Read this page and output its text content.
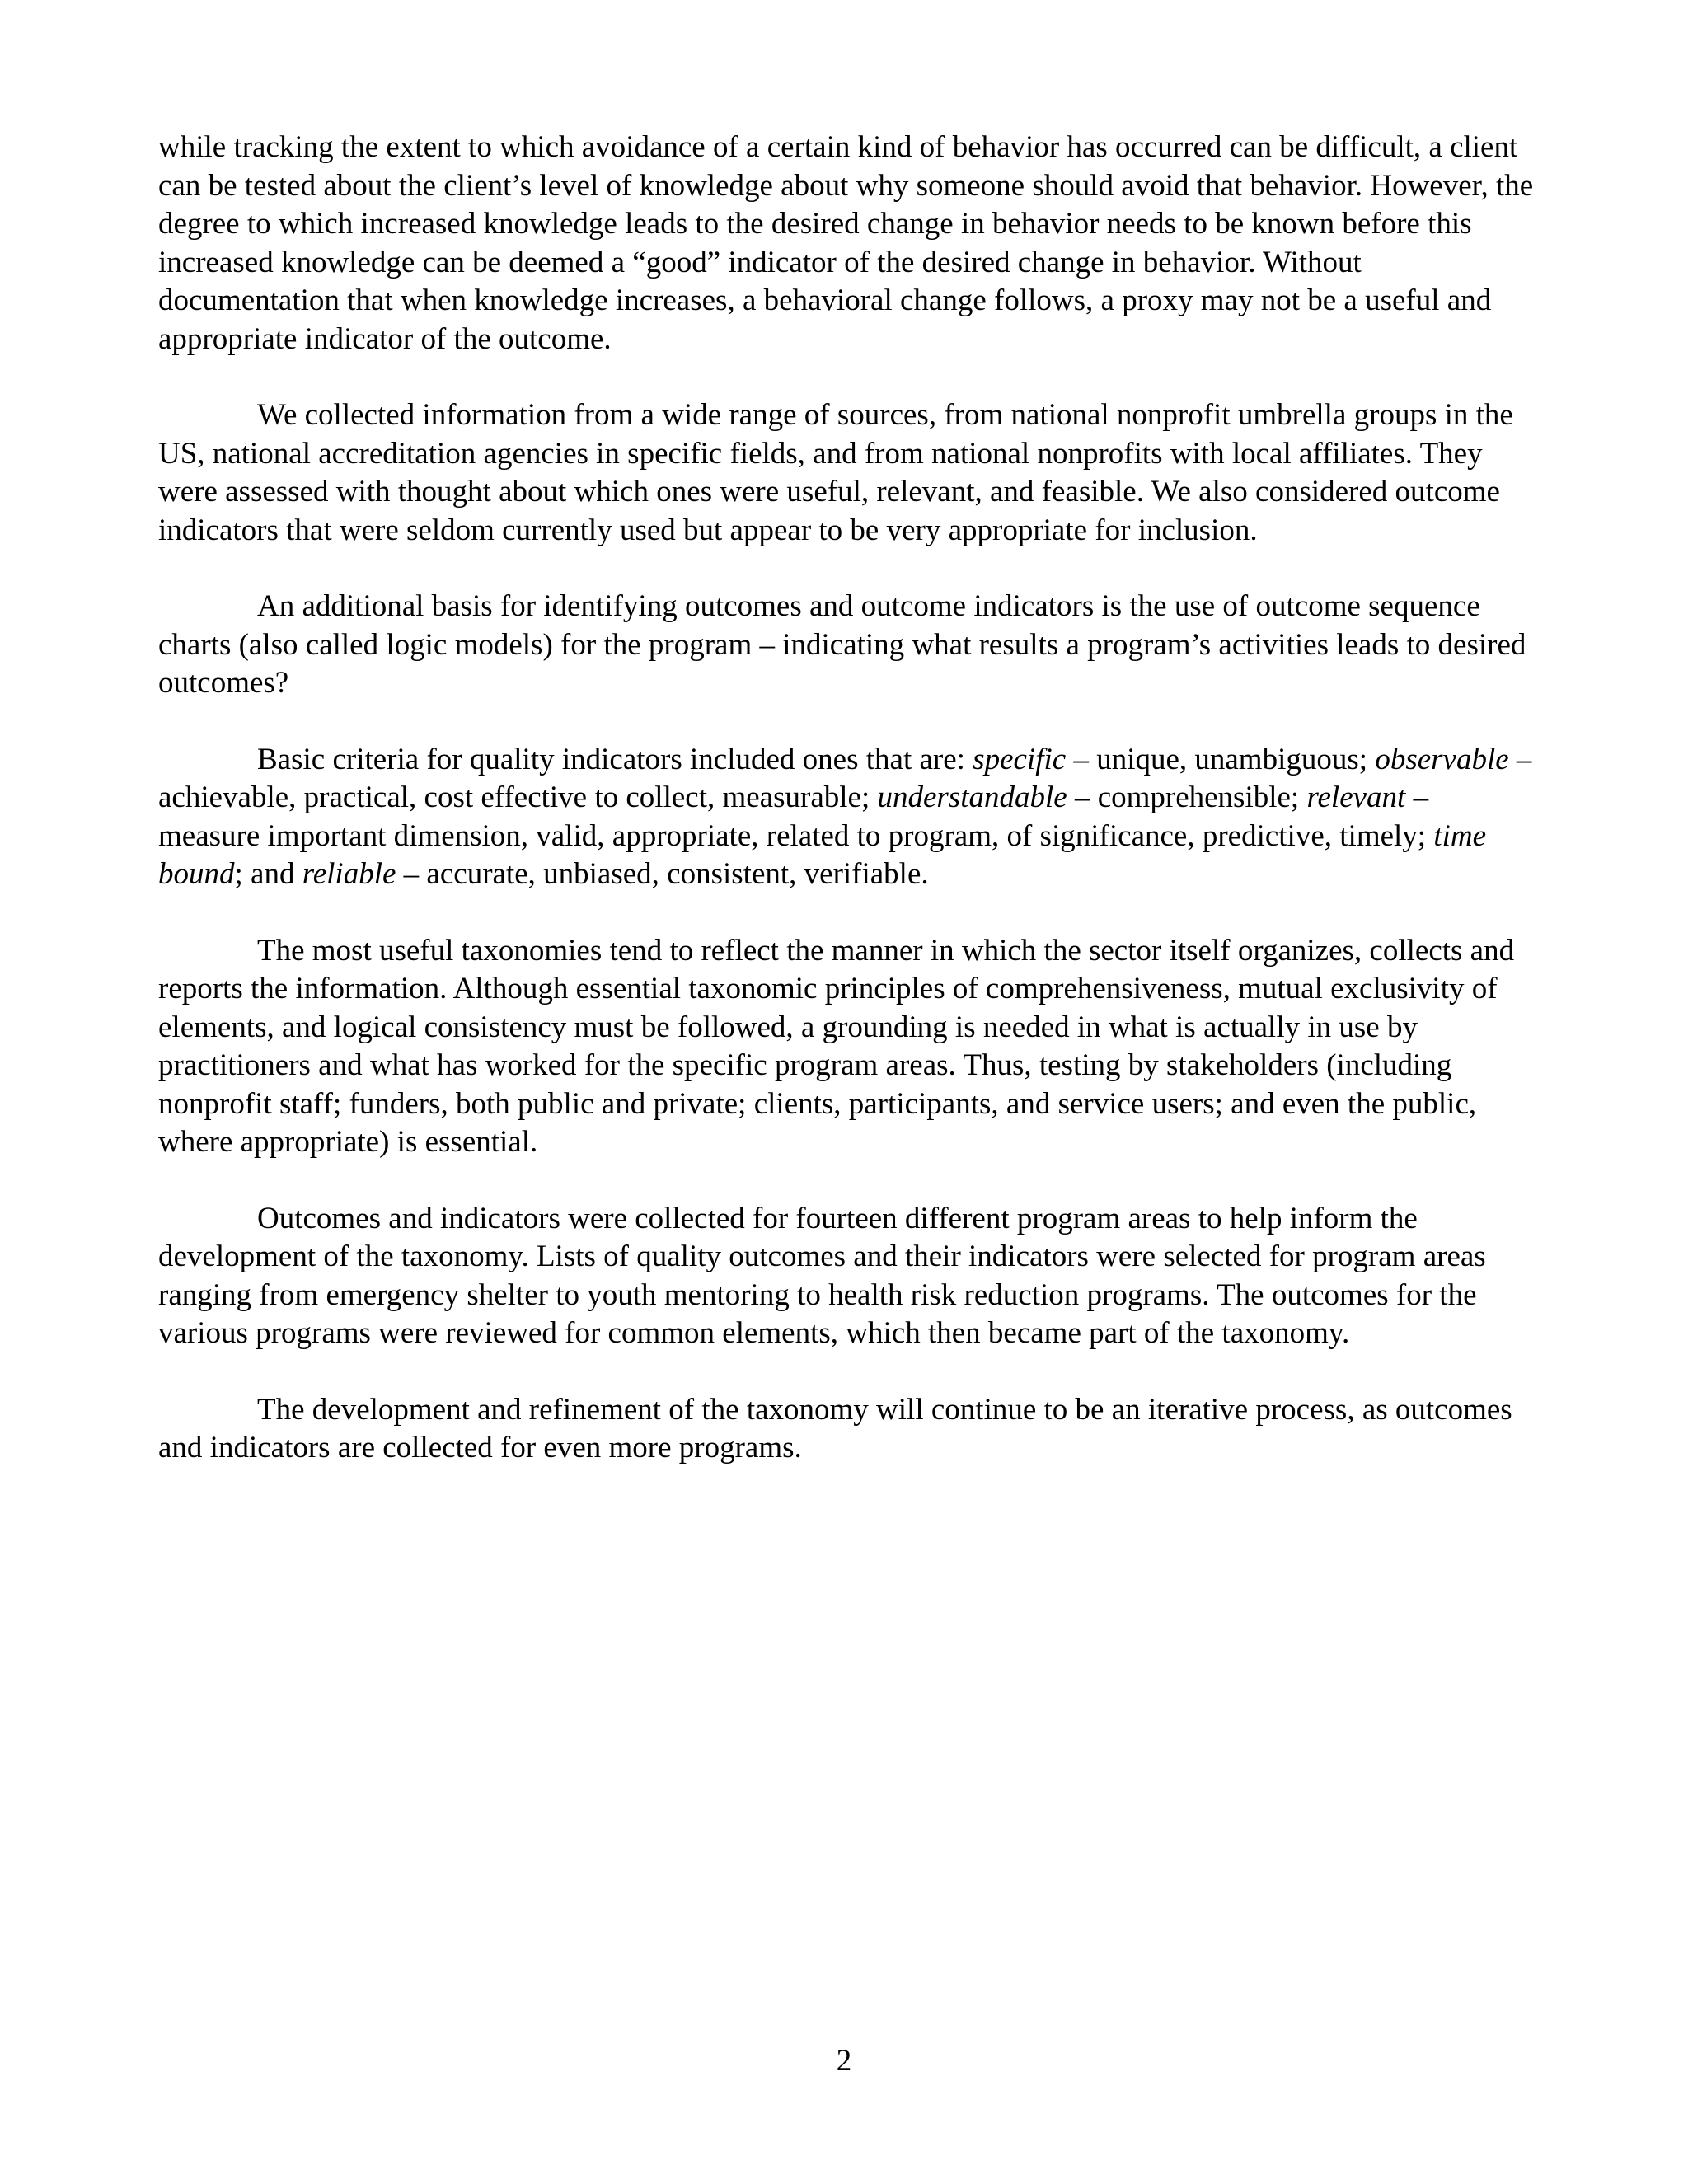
while tracking the extent to which avoidance of a certain kind of behavior has occurred can be difficult, a client can be tested about the client’s level of knowledge about why someone should avoid that behavior. However, the degree to which increased knowledge leads to the desired change in behavior needs to be known before this increased knowledge can be deemed a “good” indicator of the desired change in behavior. Without documentation that when knowledge increases, a behavioral change follows, a proxy may not be a useful and appropriate indicator of the outcome.

We collected information from a wide range of sources, from national nonprofit umbrella groups in the US, national accreditation agencies in specific fields, and from national nonprofits with local affiliates. They were assessed with thought about which ones were useful, relevant, and feasible. We also considered outcome indicators that were seldom currently used but appear to be very appropriate for inclusion.

An additional basis for identifying outcomes and outcome indicators is the use of outcome sequence charts (also called logic models) for the program – indicating what results a program’s activities leads to desired outcomes?

Basic criteria for quality indicators included ones that are: specific – unique, unambiguous; observable – achievable, practical, cost effective to collect, measurable; understandable – comprehensible; relevant – measure important dimension, valid, appropriate, related to program, of significance, predictive, timely; time bound; and reliable – accurate, unbiased, consistent, verifiable.

The most useful taxonomies tend to reflect the manner in which the sector itself organizes, collects and reports the information. Although essential taxonomic principles of comprehensiveness, mutual exclusivity of elements, and logical consistency must be followed, a grounding is needed in what is actually in use by practitioners and what has worked for the specific program areas. Thus, testing by stakeholders (including nonprofit staff; funders, both public and private; clients, participants, and service users; and even the public, where appropriate) is essential.

Outcomes and indicators were collected for fourteen different program areas to help inform the development of the taxonomy. Lists of quality outcomes and their indicators were selected for program areas ranging from emergency shelter to youth mentoring to health risk reduction programs. The outcomes for the various programs were reviewed for common elements, which then became part of the taxonomy.

The development and refinement of the taxonomy will continue to be an iterative process, as outcomes and indicators are collected for even more programs.

2
